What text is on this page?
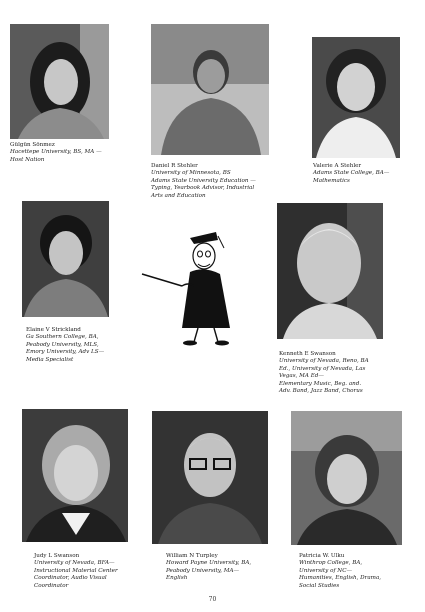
Gülgün Sönmez
Hacettepe University, BS, MA —
Host Nation
Daniel R Stehler
University of Minnesota, BS
Adams State University Education —
Typing, Yearbook Advisor, Industrial
Arts and Education
Valerie A Stehler
Adams State College, BA—
Mathematics
Elaine V Strickland
Ga Southern College, BA,
Peabody University, MLS,
Emory University, Adv LS—
Media Specialist
Kenneth E Swanson
University of Nevada, Reno, BA
Ed., University of Nevada, Las
Vegas, MA Ed—
Elementary Music, Beg. and.
Adv. Band, Jazz Band, Chorus
Judy L Swanson
University of Nevada, BFA—
Instructional Material Center
Coordinator, Audio Visual
Coordinator
William N Turpley
Howard Payne University, BA,
Peabody University, MA—
English
Patricia W. Ulku
Winthrop College, BA,
University of NC—
Humanities, English, Drama,
Social Studies
70
